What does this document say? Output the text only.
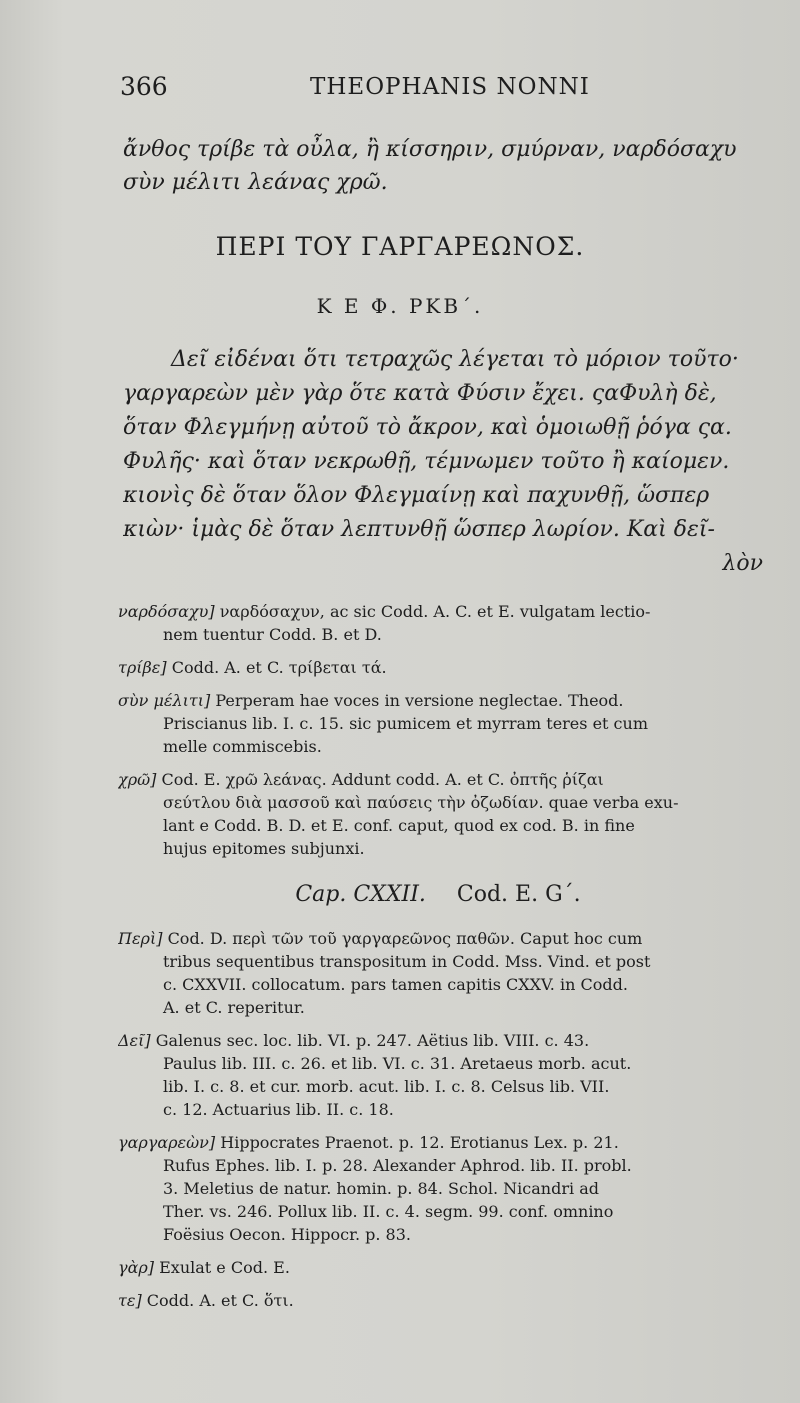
366	THEOPHANIS NONNI
ἄνθος τρίβε τὰ οὖλα, ἢ κίσσηριν, σμύρναν, ναρδόσαχυ
σὺν μέλιτι λεάνας χρῶ.
ΠΕΡΙ ΤΟΥ ΓΑΡΓΑΡΕΩΝΟΣ.
Κ Ε Φ. ΡΚΒ΄.
Δεῖ εἰδέναι ὅτι τετραχῶς λέγεται τὸ μόριον τοῦτο·
γαργαρεὼν μὲν γὰρ ὅτε κατὰ Φύσιν ἔχει. ςαΦυλὴ δὲ,
ὅταν Φλεγμήνῃ αὐτοῦ τὸ ἄκρον, καὶ ὁμοιωθῇ ῥόγα ςα.
Φυλῆς· καὶ ὅταν νεκρωθῇ, τέμνωμεν τοῦτο ἢ καίομεν.
κιονὶς δὲ ὅταν ὅλον Φλεγμαίνῃ καὶ παχυνθῇ, ὥσπερ
κιὼν· ἱμὰς δὲ ὅταν λεπτυνθῇ ὥσπερ λωρίον. Καὶ δεῖ-
λὸν
ναρδόσαχυ] ναρδόσαχυν, ac sic Codd. A. C. et E. vulgatam lectio-
nem tuentur Codd. B. et D.
τρίβε] Codd. A. et C. τρίβεται τά.
σὺν μέλιτι] Perperam hae voces in versione neglectae. Theod.
Priscianus lib. I. c. 15. sic pumicem et myrram teres et cum
melle commiscebis.
χρῶ] Cod. E. χρῶ λεάνας. Addunt codd. A. et C. ὀπτῆς ῥίζαι
σεύτλου διὰ μασσοῦ καὶ παύσεις τὴν ὀζωδίαν. quae verba exu-
lant e Codd. B. D. et E. conf. caput, quod ex cod. B. in fine
hujus epitomes subjunxi.
Cap. CXXII. Cod. E. G΄.
Περὶ] Cod. D. περὶ τῶν τοῦ γαργαρεῶνος παθῶν. Caput hoc cum
tribus sequentibus transpositum in Codd. Mss. Vind. et post
c. CXXVII. collocatum. pars tamen capitis CXXV. in Codd.
A. et C. reperitur.
Δεῖ] Galenus sec. loc. lib. VI. p. 247. Aëtius lib. VIII. c. 43.
Paulus lib. III. c. 26. et lib. VI. c. 31. Aretaeus morb. acut.
lib. I. c. 8. et cur. morb. acut. lib. I. c. 8. Celsus lib. VII.
c. 12. Actuarius lib. II. c. 18.
γαργαρεὼν] Hippocrates Praenot. p. 12. Erotianus Lex. p. 21.
Rufus Ephes. lib. I. p. 28. Alexander Aphrod. lib. II. probl.
3. Meletius de natur. homin. p. 84. Schol. Nicandri ad
Ther. vs. 246. Pollux lib. II. c. 4. segm. 99. conf. omnino
Foësius Oecon. Hippocr. p. 83.
γὰρ] Exulat e Cod. E.
τε] Codd. A. et C. ὅτι.
